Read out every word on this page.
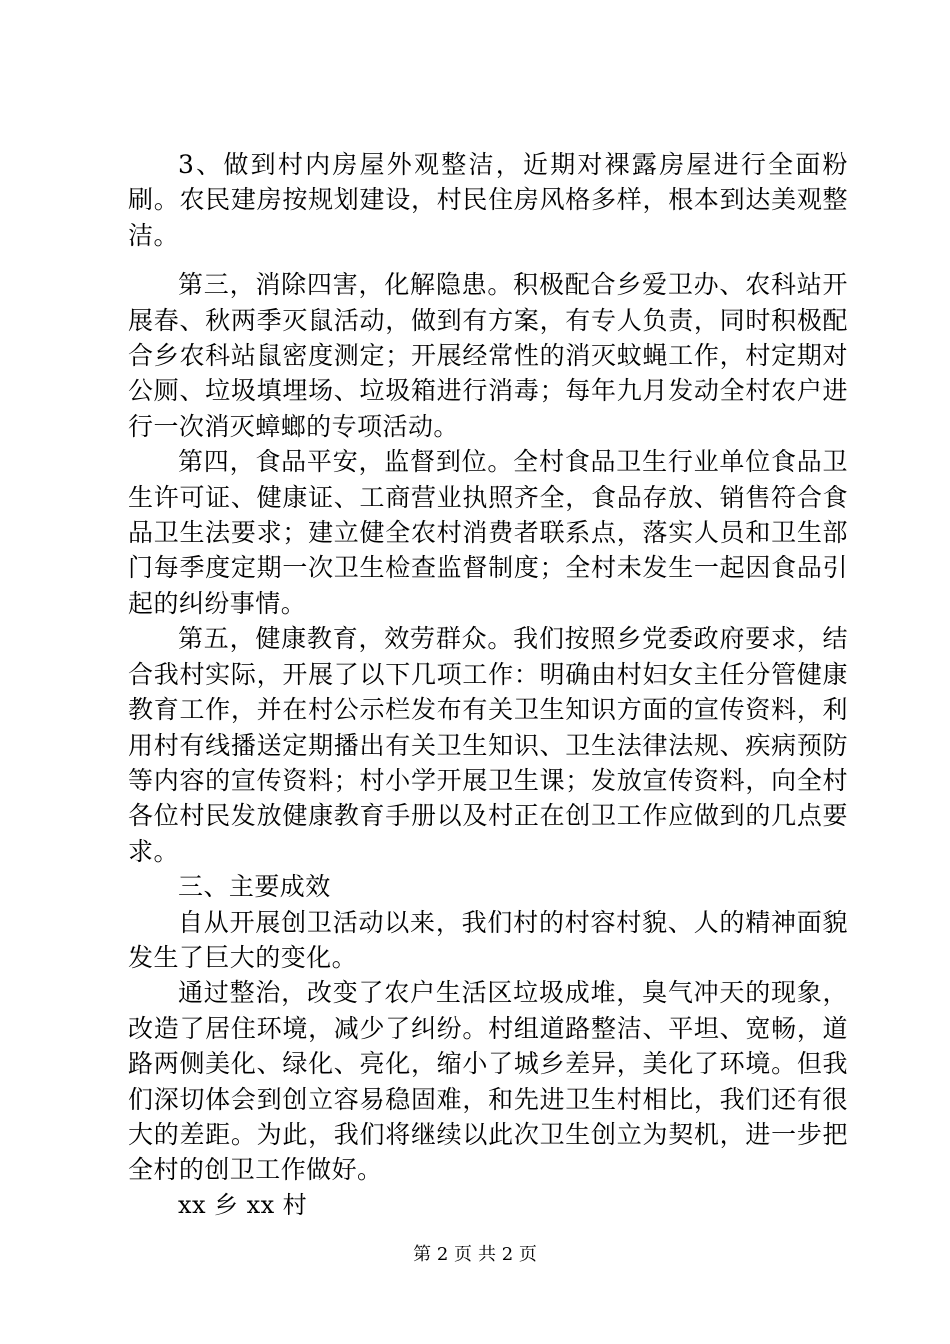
3、做到村内房屋外观整洁，近期对裸露房屋进行全面粉刷。农民建房按规划建设，村民住房风格多样，根本到达美观整洁。

第三，消除四害，化解隐患。积极配合乡爱卫办、农科站开展春、秋两季灭鼠活动，做到有方案，有专人负责，同时积极配合乡农科站鼠密度测定；开展经常性的消灭蚊蝇工作，村定期对公厕、垃圾填埋场、垃圾箱进行消毒；每年九月发动全村农户进行一次消灭蟑螂的专项活动。

第四，食品平安，监督到位。全村食品卫生行业单位食品卫生许可证、健康证、工商营业执照齐全，食品存放、销售符合食品卫生法要求；建立健全农村消费者联系点，落实人员和卫生部门每季度定期一次卫生检查监督制度；全村未发生一起因食品引起的纠纷事情。

第五，健康教育，效劳群众。我们按照乡党委政府要求，结合我村实际，开展了以下几项工作：明确由村妇女主任分管健康教育工作，并在村公示栏发布有关卫生知识方面的宣传资料，利用村有线播送定期播出有关卫生知识、卫生法律法规、疾病预防等内容的宣传资料；村小学开展卫生课；发放宣传资料，向全村各位村民发放健康教育手册以及村正在创卫工作应做到的几点要求。

三、主要成效

自从开展创卫活动以来，我们村的村容村貌、人的精神面貌发生了巨大的变化。

通过整治，改变了农户生活区垃圾成堆，臭气冲天的现象，改造了居住环境，减少了纠纷。村组道路整洁、平坦、宽畅，道路两侧美化、绿化、亮化，缩小了城乡差异，美化了环境。但我们深切体会到创立容易稳固难，和先进卫生村相比，我们还有很大的差距。为此，我们将继续以此次卫生创立为契机，进一步把全村的创卫工作做好。

xx 乡 xx 村

第 2 页 共 2 页
